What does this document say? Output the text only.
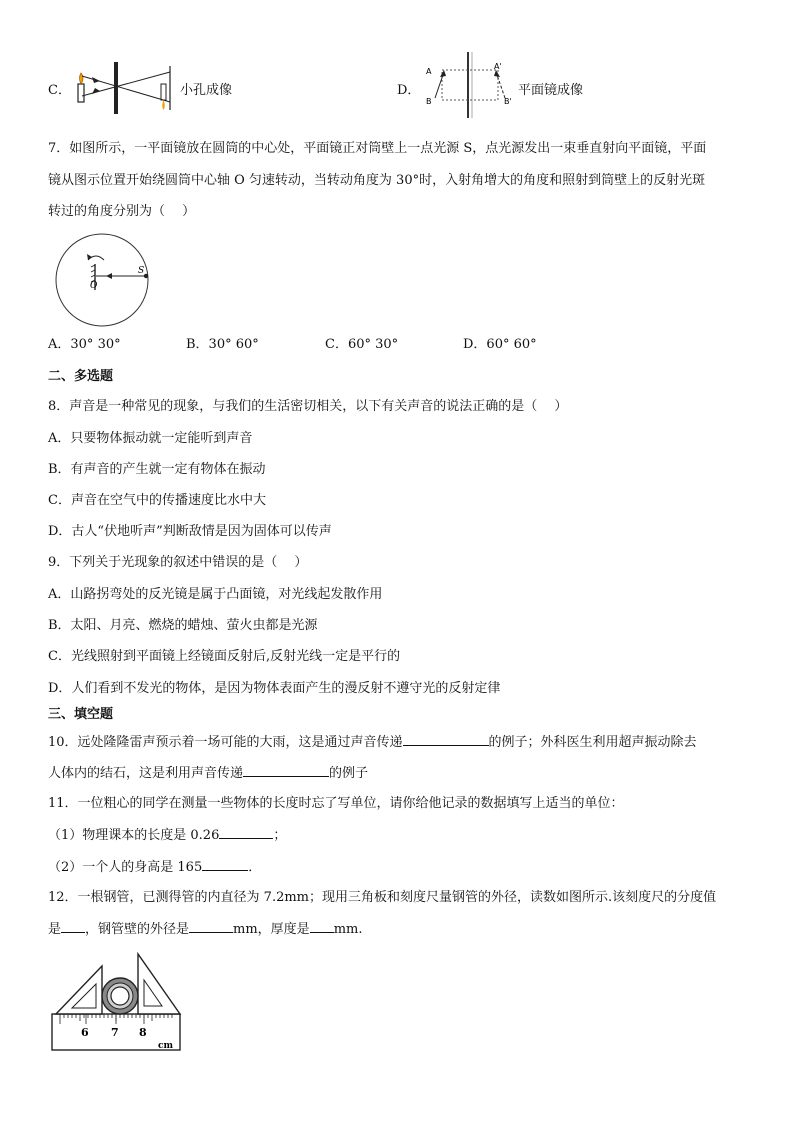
C．	小孔成像	D．
A
A'
B	B'
平面镜成像
7．如图所示，一平面镜放在圆筒的中心处，平面镜正对筒壁上一点光源 S，点光源发出一束垂直射向平面镜，平面
镜从图示位置开始绕圆筒中心轴 O 匀速转动，当转动角度为 30°时，入射角增大的角度和照射到筒壁上的反射光斑
转过的角度分别为（　 ）
S
O
A．30° 30°	B．30° 60°	C．60° 30°	D．60° 60°
二、多选题
8．声音是一种常见的现象，与我们的生活密切相关，以下有关声音的说法正确的是（　 ）
A．只要物体振动就一定能听到声音
B．有声音的产生就一定有物体在振动
C．声音在空气中的传播速度比水中大
D．古人“伏地听声”判断敌情是因为固体可以传声
9．下列关于光现象的叙述中错误的是（　 ）
A．山路拐弯处的反光镜是属于凸面镜，对光线起发散作用
B．太阳、月亮、燃烧的蜡烛、萤火虫都是光源
C．光线照射到平面镜上经镜面反射后,反射光线一定是平行的
D．人们看到不发光的物体，是因为物体表面产生的漫反射不遵守光的反射定律
三、填空题
10．远处隆隆雷声预示着一场可能的大雨，这是通过声音传递	的例子；外科医生利用超声振动除去
人体内的结石，这是利用声音传递	的例子
11．一位粗心的同学在测量一些物体的长度时忘了写单位，请你给他记录的数据填写上适当的单位：
（1）物理课本的长度是 0.26	；
（2）一个人的身高是 165	．
12．一根钢管，已测得管的内直径为 7.2mm；现用三角板和刻度尺量钢管的外径，读数如图所示.该刻度尺的分度值
是 ，钢管壁的外径是	mm，厚度是 mm.
6 7 8
cm
